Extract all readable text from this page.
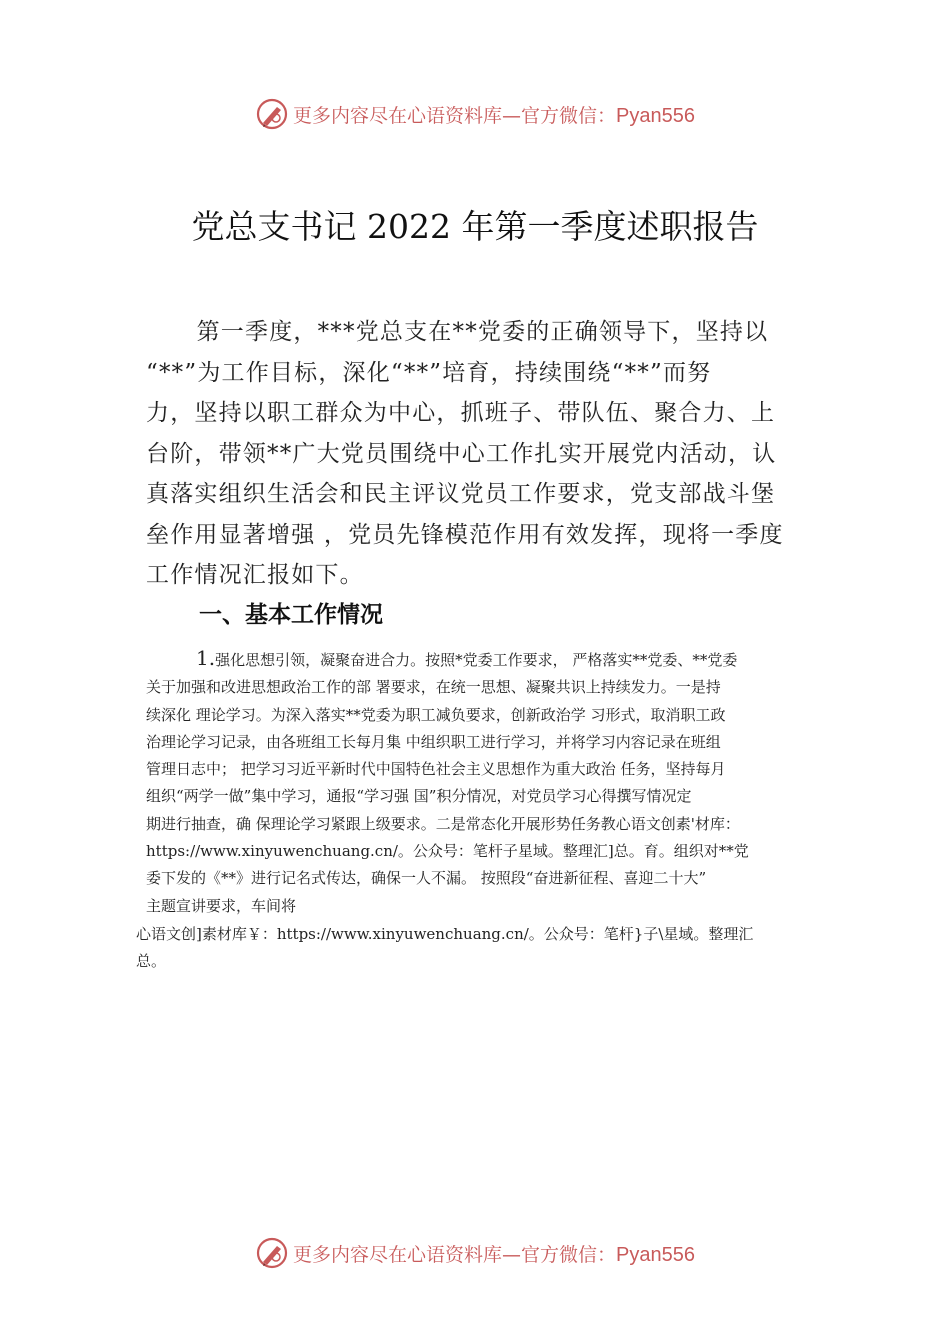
更多内容尽在心语资料库—官方微信：Pyan556
党总支书记 2022 年第一季度述职报告
第一季度，***党总支在**党委的正确领导下，坚持以
“**”为工作目标，深化“**”培育，持续围绕“**”而努
力，坚持以职工群众为中心，抓班子、带队伍、聚合力、上
台阶，带领**广大党员围绕中心工作扎实开展党内活动，认
真落实组织生活会和民主评议党员工作要求，党支部战斗堡
垒作用显著增强 ，党员先锋模范作用有效发挥，现将一季度
工作情况汇报如下。
一、基本工作情况
1.强化思想引领，凝聚奋进合力。按照*党委工作要求， 严格落实**党委、**党委
关于加强和改进思想政治工作的部 署要求，在统一思想、凝聚共识上持续发力。一是持
续深化 理论学习。为深入落实**党委为职工减负要求，创新政治学 习形式，取消职工政
治理论学习记录，由各班组工长每月集 中组织职工进行学习，并将学习内容记录在班组
管理日志中； 把学习习近平新时代中国特色社会主义思想作为重大政治 任务，坚持每月
组织“两学一做”集中学习，通报“学习强 国”积分情况，对党员学习心得撰写情况定
期进行抽查，确 保理论学习紧跟上级要求。二是常态化开展形势任务教心语文创素'材库：
https://www.xinyuwenchuang.cn/。公众号：笔杆子星域。整理汇]总。育。组织对**党
委下发的《**》进行记名式传达，确保一人不漏。 按照段“奋进新征程、喜迎二十大”
主题宣讲要求，车间将
心语文创]素材库￥：https://www.xinyuwenchuang.cn/。公众号：笔杆}子\星域。整理汇
总。
更多内容尽在心语资料库—官方微信：Pyan556
